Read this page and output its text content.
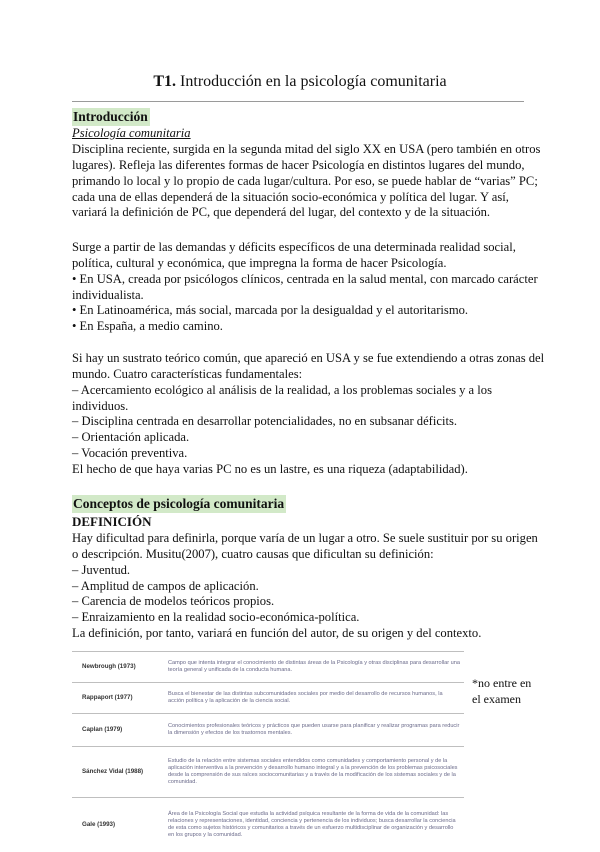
T1. Introducción en la psicología comunitaria
Introducción
Psicología comunitaria
Disciplina reciente, surgida en la segunda mitad del siglo XX en USA (pero también en otros
lugares). Refleja las diferentes formas de hacer Psicología en distintos lugares del mundo,
primando lo local y lo propio de cada lugar/cultura. Por eso, se puede hablar de “varias” PC;
cada una de ellas dependerá de la situación socio-económica y política del lugar. Y así,
variará la definición de PC, que dependerá del lugar, del contexto y de la situación.
Surge a partir de las demandas y déficits específicos de una determinada realidad social,
política, cultural y económica, que impregna la forma de hacer Psicología.
• En USA, creada por psicólogos clínicos, centrada en la salud mental, con marcado carácter
individualista.
• En Latinoamérica, más social, marcada por la desigualdad y el autoritarismo.
• En España, a medio camino.
Si hay un sustrato teórico común, que apareció en USA y se fue extendiendo a otras zonas del
mundo. Cuatro características fundamentales:
– Acercamiento ecológico al análisis de la realidad, a los problemas sociales y a los
individuos.
– Disciplina centrada en desarrollar potencialidades, no en subsanar déficits.
– Orientación aplicada.
– Vocación preventiva.
El hecho de que haya varias PC no es un lastre, es una riqueza (adaptabilidad).
Conceptos de psicología comunitaria
DEFINICIÓN
Hay dificultad para definirla, porque varía de un lugar a otro. Se suele sustituir por su origen
o descripción. Musitu(2007), cuatro causas que dificultan su definición:
– Juventud.
– Amplitud de campos de aplicación.
– Carencia de modelos teóricos propios.
– Enraizamiento en la realidad socio-económica-política.
La definición, por tanto, variará en función del autor, de su origen y del contexto.
Newbrough (1973)	Campo que intenta integrar el conocimiento de distintas áreas de la Psicología y otras disciplinas para desarrollar una teoría general y unificada de la conducta humana.
Rappaport (1977)	Busca el bienestar de las distintas subcomunidades sociales por medio del desarrollo de recursos humanos, la acción política y la aplicación de la ciencia social.
Caplan (1979)	Conocimientos profesionales teóricos y prácticos que pueden usarse para planificar y realizar programas para reducir la dimensión y efectos de los trastornos mentales.
Sánchez Vidal (1988)	Estudio de la relación entre sistemas sociales entendidos como comunidades y comportamiento personal y de la aplicación interventiva a la prevención y desarrollo humano integral y a la prevención de los problemas psicosociales desde la comprensión de sus raíces sociocomunitarias y a través de la modificación de los sistemas sociales y de la comunidad.
Gale (1993)	Área de la Psicología Social que estudia la actividad psíquica resultante de la forma de vida de la comunidad: las relaciones y representaciones, identidad, conciencia y pertenencia de los individuos; busca desarrollar la conciencia de esta como sujetos históricos y comunitarios a través de un esfuerzo multidisciplinar de organización y desarrollo en los grupos y la comunidad.
*no entre en el examen
